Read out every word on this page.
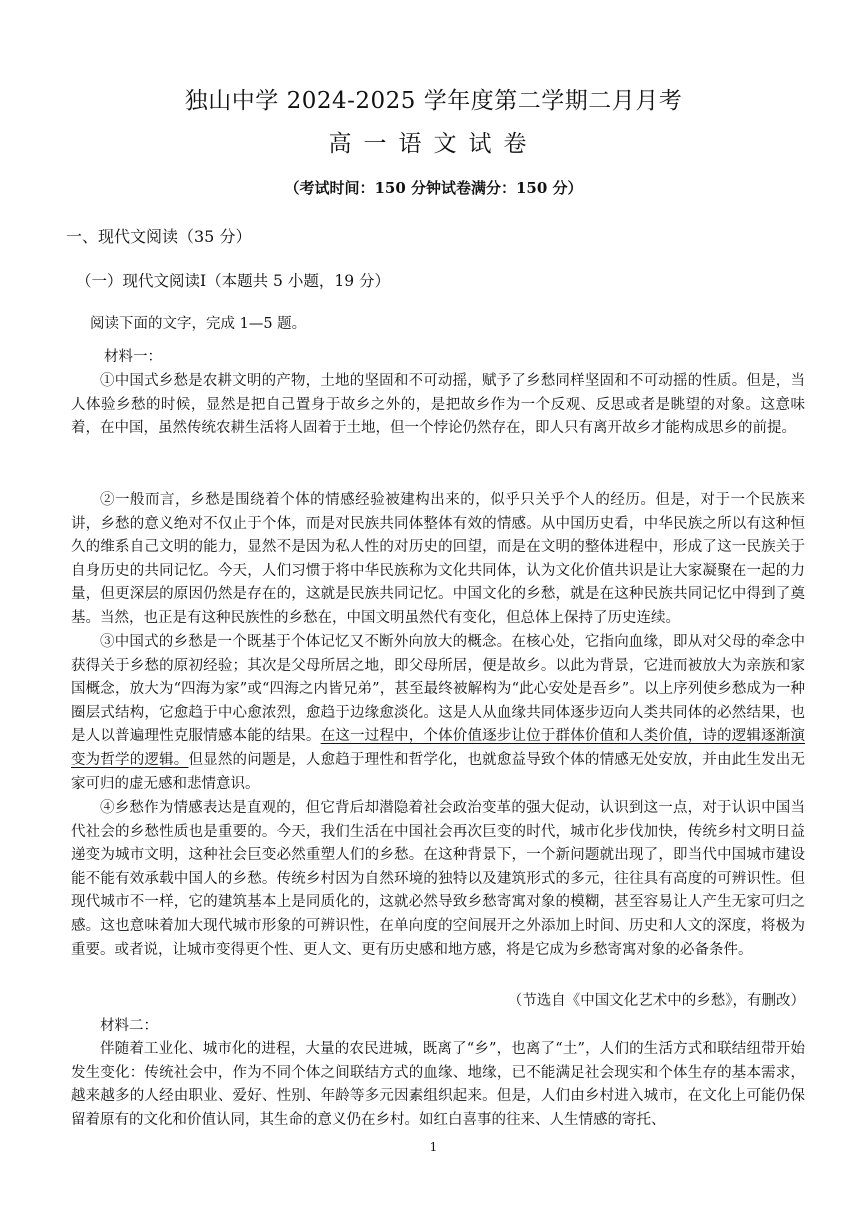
独山中学 2024-2025 学年度第二学期二月月考
高一语文试卷
（考试时间：150 分钟试卷满分：150 分）
一、现代文阅读（35 分）
（一）现代文阅读Ⅰ（本题共 5 小题，19 分）
阅读下面的文字，完成 1—5 题。
材料一：

①中国式乡愁是农耕文明的产物，土地的坚固和不可动摇，赋予了乡愁同样坚固和不可动摇的性质。但是，当人体验乡愁的时候，显然是把自己置身于故乡之外的，是把故乡作为一个反观、反思或者是眺望的对象。这意味着，在中国，虽然传统农耕生活将人固着于土地，但一个悖论仍然存在，即人只有离开故乡才能构成思乡的前提。

②一般而言，乡愁是围绕着个体的情感经验被建构出来的，似乎只关乎个人的经历。但是，对于一个民族来讲，乡愁的意义绝对不仅止于个体，而是对民族共同体整体有效的情感。从中国历史看，中华民族之所以有这种恒久的维系自己文明的能力，显然不是因为私人性的对历史的回望，而是在文明的整体进程中，形成了这一民族关于自身历史的共同记忆。今天，人们习惯于将中华民族称为文化共同体，认为文化价值共识是让大家凝聚在一起的力量，但更深层的原因仍然是存在的，这就是民族共同记忆。中国文化的乡愁，就是在这种民族共同记忆中得到了奠基。当然，也正是有这种民族性的乡愁在，中国文明虽然代有变化，但总体上保持了历史连续。

③中国式的乡愁是一个既基于个体记忆又不断外向放大的概念。在核心处，它指向血缘，即从对父母的牵念中获得关于乡愁的原初经验；其次是父母所居之地，即父母所居，便是故乡。以此为背景，它进而被放大为亲族和家国概念，放大为“四海为家”或“四海之内皆兄弟”，甚至最终被解构为“此心安处是吾乡”。以上序列使乡愁成为一种圈层式结构，它愈趋于中心愈浓烈，愈趋于边缘愈淡化。这是人从血缘共同体逐步迈向人类共同体的必然结果，也是人以普遍理性克服情感本能的结果。在这一过程中，个体价值逐步让位于群体价值和人类价值，诗的逻辑逐渐演变为哲学的逻辑。但显然的问题是，人愈趋于理性和哲学化，也就愈益导致个体的情感无处安放，并由此生发出无家可归的虚无感和悲情意识。

④乡愁作为情感表达是直观的，但它背后却潜隐着社会政治变革的强大促动，认识到这一点，对于认识中国当代社会的乡愁性质也是重要的。今天，我们生活在中国社会再次巨变的时代，城市化步伐加快，传统乡村文明日益递变为城市文明，这种社会巨变必然重塑人们的乡愁。在这种背景下，一个新问题就出现了，即当代中国城市建设能不能有效承载中国人的乡愁。传统乡村因为自然环境的独特以及建筑形式的多元，往往具有高度的可辨识性。但现代城市不一样，它的建筑基本上是同质化的，这就必然导致乡愁寄寓对象的模糊，甚至容易让人产生无家可归之感。这也意味着加大现代城市形象的可辨识性，在单向度的空间展开之外添加上时间、历史和人文的深度，将极为重要。或者说，让城市变得更个性、更人文、更有历史感和地方感，将是它成为乡愁寄寓对象的必备条件。

（节选自《中国文化艺术中的乡愁》，有删改）
材料二：

伴随着工业化、城市化的进程，大量的农民进城，既离了“乡”，也离了“土”，人们的生活方式和联结纽带开始发生变化：传统社会中，作为不同个体之间联结方式的血缘、地缘，已不能满足社会现实和个体生存的基本需求，越来越多的人经由职业、爱好、性别、年龄等多元因素组织起来。但是，人们由乡村进入城市，在文化上可能仍保留着原有的文化和价值认同，其生命的意义仍在乡村。如红白喜事的往来、人生情感的寄托、

1
